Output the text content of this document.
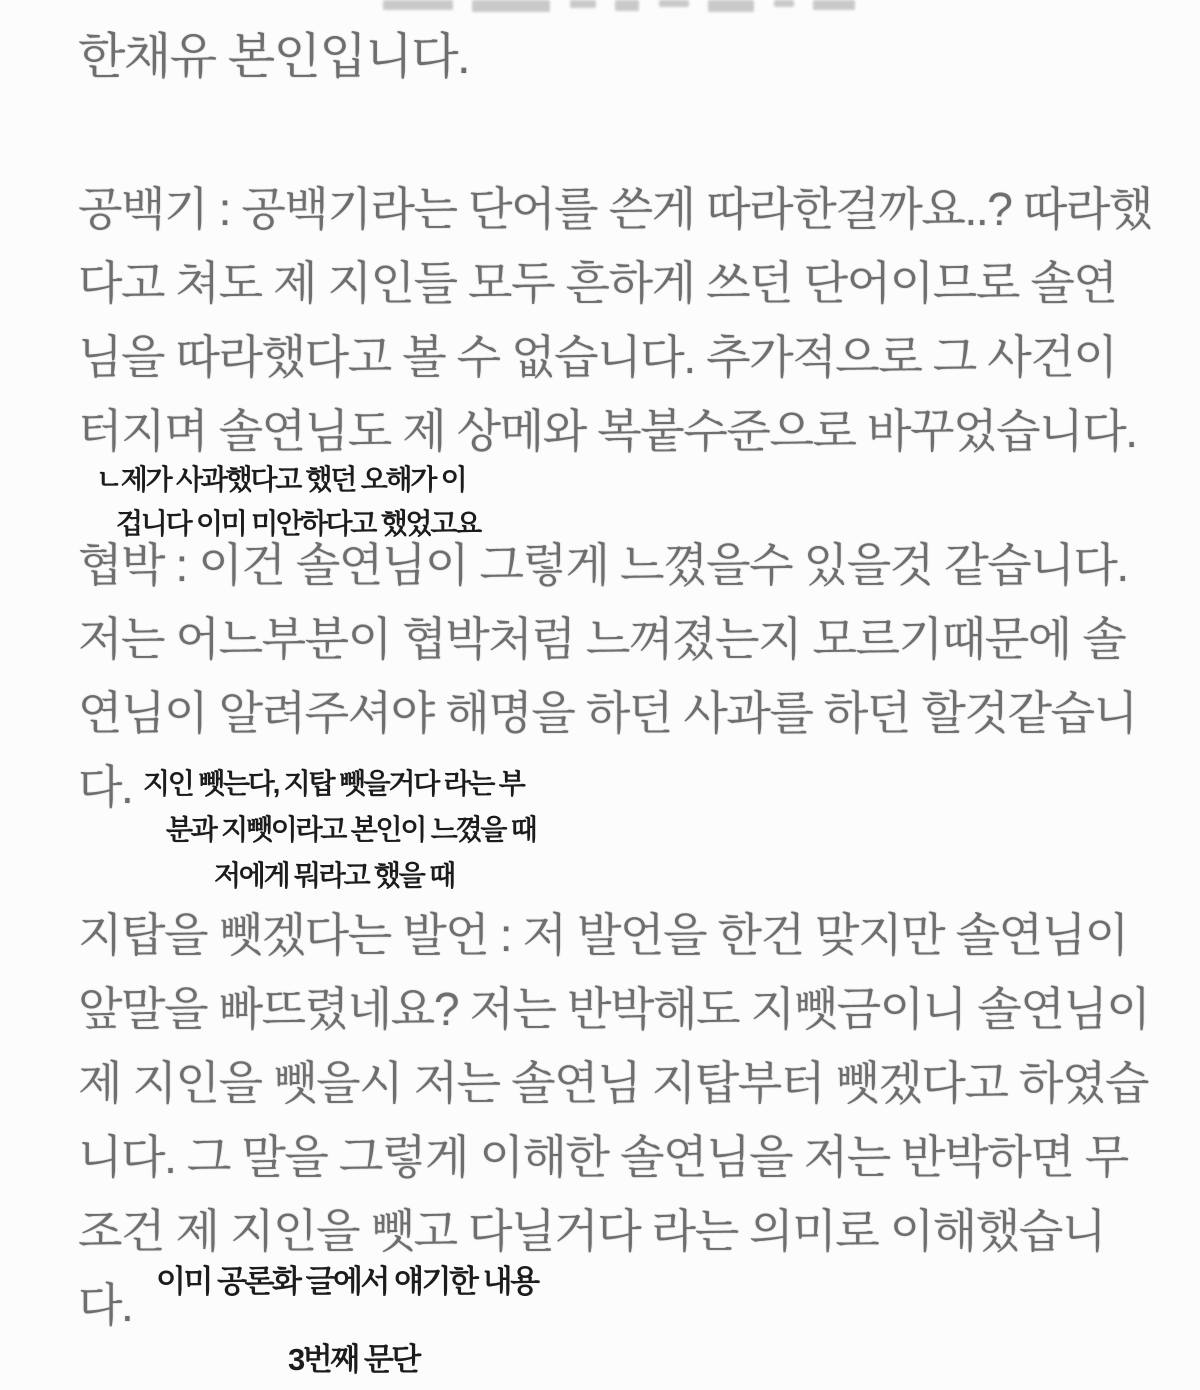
한채유 본인입니다.
공백기 : 공백기라는 단어를 쓴게 따라한걸까요..? 따라했
다고 쳐도 제 지인들 모두 흔하게 쓰던 단어이므로 솔연
님을 따라했다고 볼 수 없습니다. 추가적으로 그 사건이
터지며 솔연님도 제 상메와 복붙수준으로 바꾸었습니다.
ㄴ제가 사과했다고 했던 오해가 이
겁니다 이미 미안하다고 했었고요
협박 : 이건 솔연님이 그렇게 느꼈을수 있을것 같습니다.
저는 어느부분이 협박처럼 느껴졌는지 모르기때문에 솔
연님이 알려주셔야 해명을 하던 사과를 하던 할것같습니
다. 지인 뺏는다, 지탑 뺏을거다 라는 부
분과 지뺏이라고 본인이 느꼈을 때
저에게 뭐라고 했을 때
지탑을 뺏겠다는 발언 : 저 발언을 한건 맞지만 솔연님이
앞말을 빠뜨렸네요? 저는 반박해도 지뺏금이니 솔연님이
제 지인을 뺏을시 저는 솔연님 지탑부터 뺏겠다고 하였습
니다. 그 말을 그렇게 이해한 솔연님을 저는 반박하면 무
조건 제 지인을 뺏고 다닐거다 라는 의미로 이해했습니
다. 이미 공론화 글에서 얘기한 내용
3번째 문단
